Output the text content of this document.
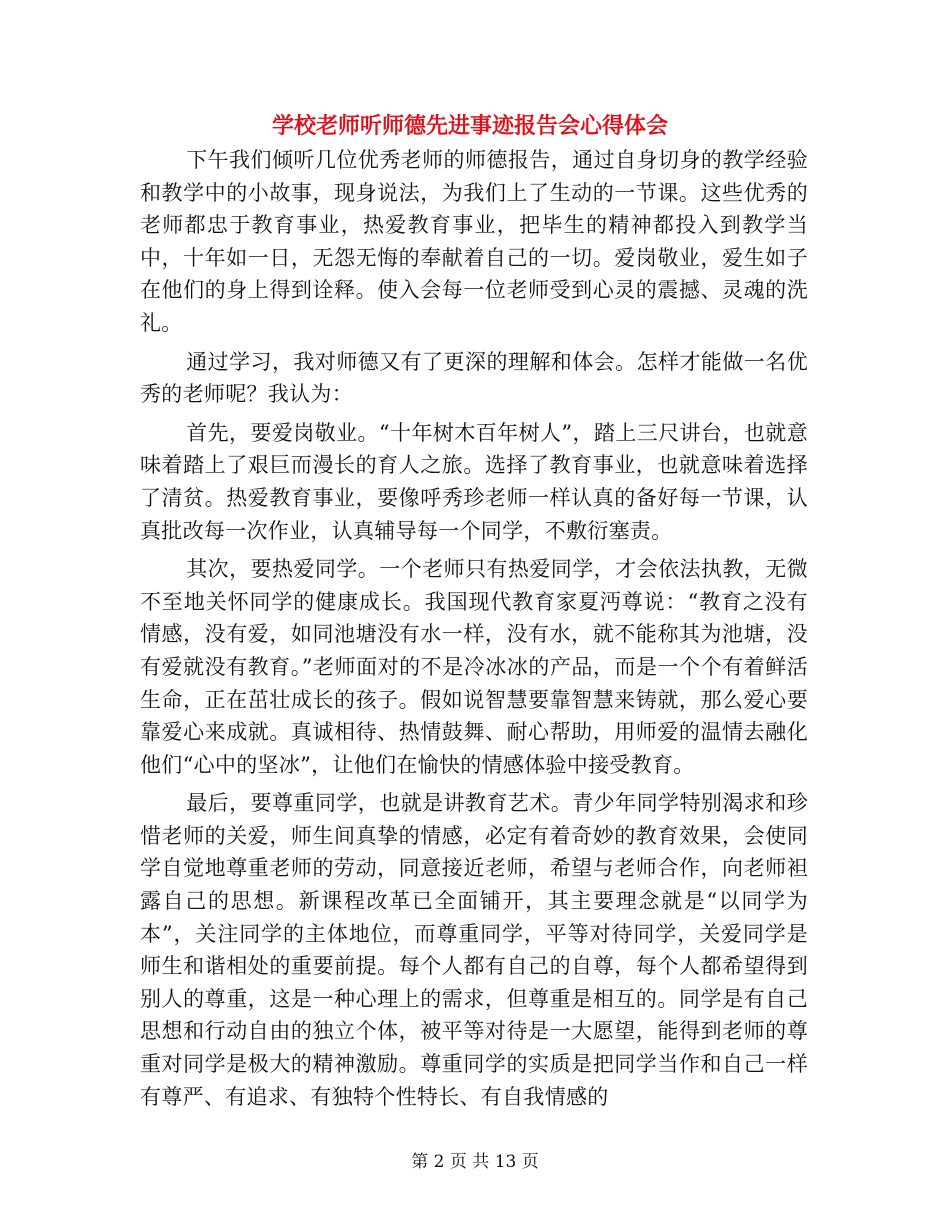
学校老师听师德先进事迹报告会心得体会

下午我们倾听几位优秀老师的师德报告，通过自身切身的教学经验和教学中的小故事，现身说法，为我们上了生动的一节课。这些优秀的老师都忠于教育事业，热爱教育事业，把毕生的精神都投入到教学当中，十年如一日，无怨无悔的奉献着自己的一切。爱岗敬业，爱生如子在他们的身上得到诠释。使入会每一位老师受到心灵的震撼、灵魂的洗礼。

通过学习，我对师德又有了更深的理解和体会。怎样才能做一名优秀的老师呢？我认为：

首先，要爱岗敬业。“十年树木百年树人”，踏上三尺讲台，也就意味着踏上了艰巨而漫长的育人之旅。选择了教育事业，也就意味着选择了清贫。热爱教育事业，要像呼秀珍老师一样认真的备好每一节课，认真批改每一次作业，认真辅导每一个同学，不敷衍塞责。

其次，要热爱同学。一个老师只有热爱同学，才会依法执教，无微不至地关怀同学的健康成长。我国现代教育家夏沔尊说：“教育之没有情感，没有爱，如同池塘没有水一样，没有水，就不能称其为池塘，没有爱就没有教育。”老师面对的不是冷冰冰的产品，而是一个个有着鲜活生命，正在茁壮成长的孩子。假如说智慧要靠智慧来铸就，那么爱心要靠爱心来成就。真诚相待、热情鼓舞、耐心帮助，用师爱的温情去融化他们“心中的坚冰”，让他们在愉快的情感体验中接受教育。

最后，要尊重同学，也就是讲教育艺术。青少年同学特别渴求和珍惜老师的关爱，师生间真挚的情感，必定有着奇妙的教育效果，会使同学自觉地尊重老师的劳动，同意接近老师，希望与老师合作，向老师袒露自己的思想。新课程改革已全面铺开，其主要理念就是“以同学为本”，关注同学的主体地位，而尊重同学，平等对待同学，关爱同学是师生和谐相处的重要前提。每个人都有自己的自尊，每个人都希望得到别人的尊重，这是一种心理上的需求，但尊重是相互的。同学是有自己思想和行动自由的独立个体，被平等对待是一大愿望，能得到老师的尊重对同学是极大的精神激励。尊重同学的实质是把同学当作和自己一样有尊严、有追求、有独特个性特长、有自我情感的

第 2 页 共 13 页
